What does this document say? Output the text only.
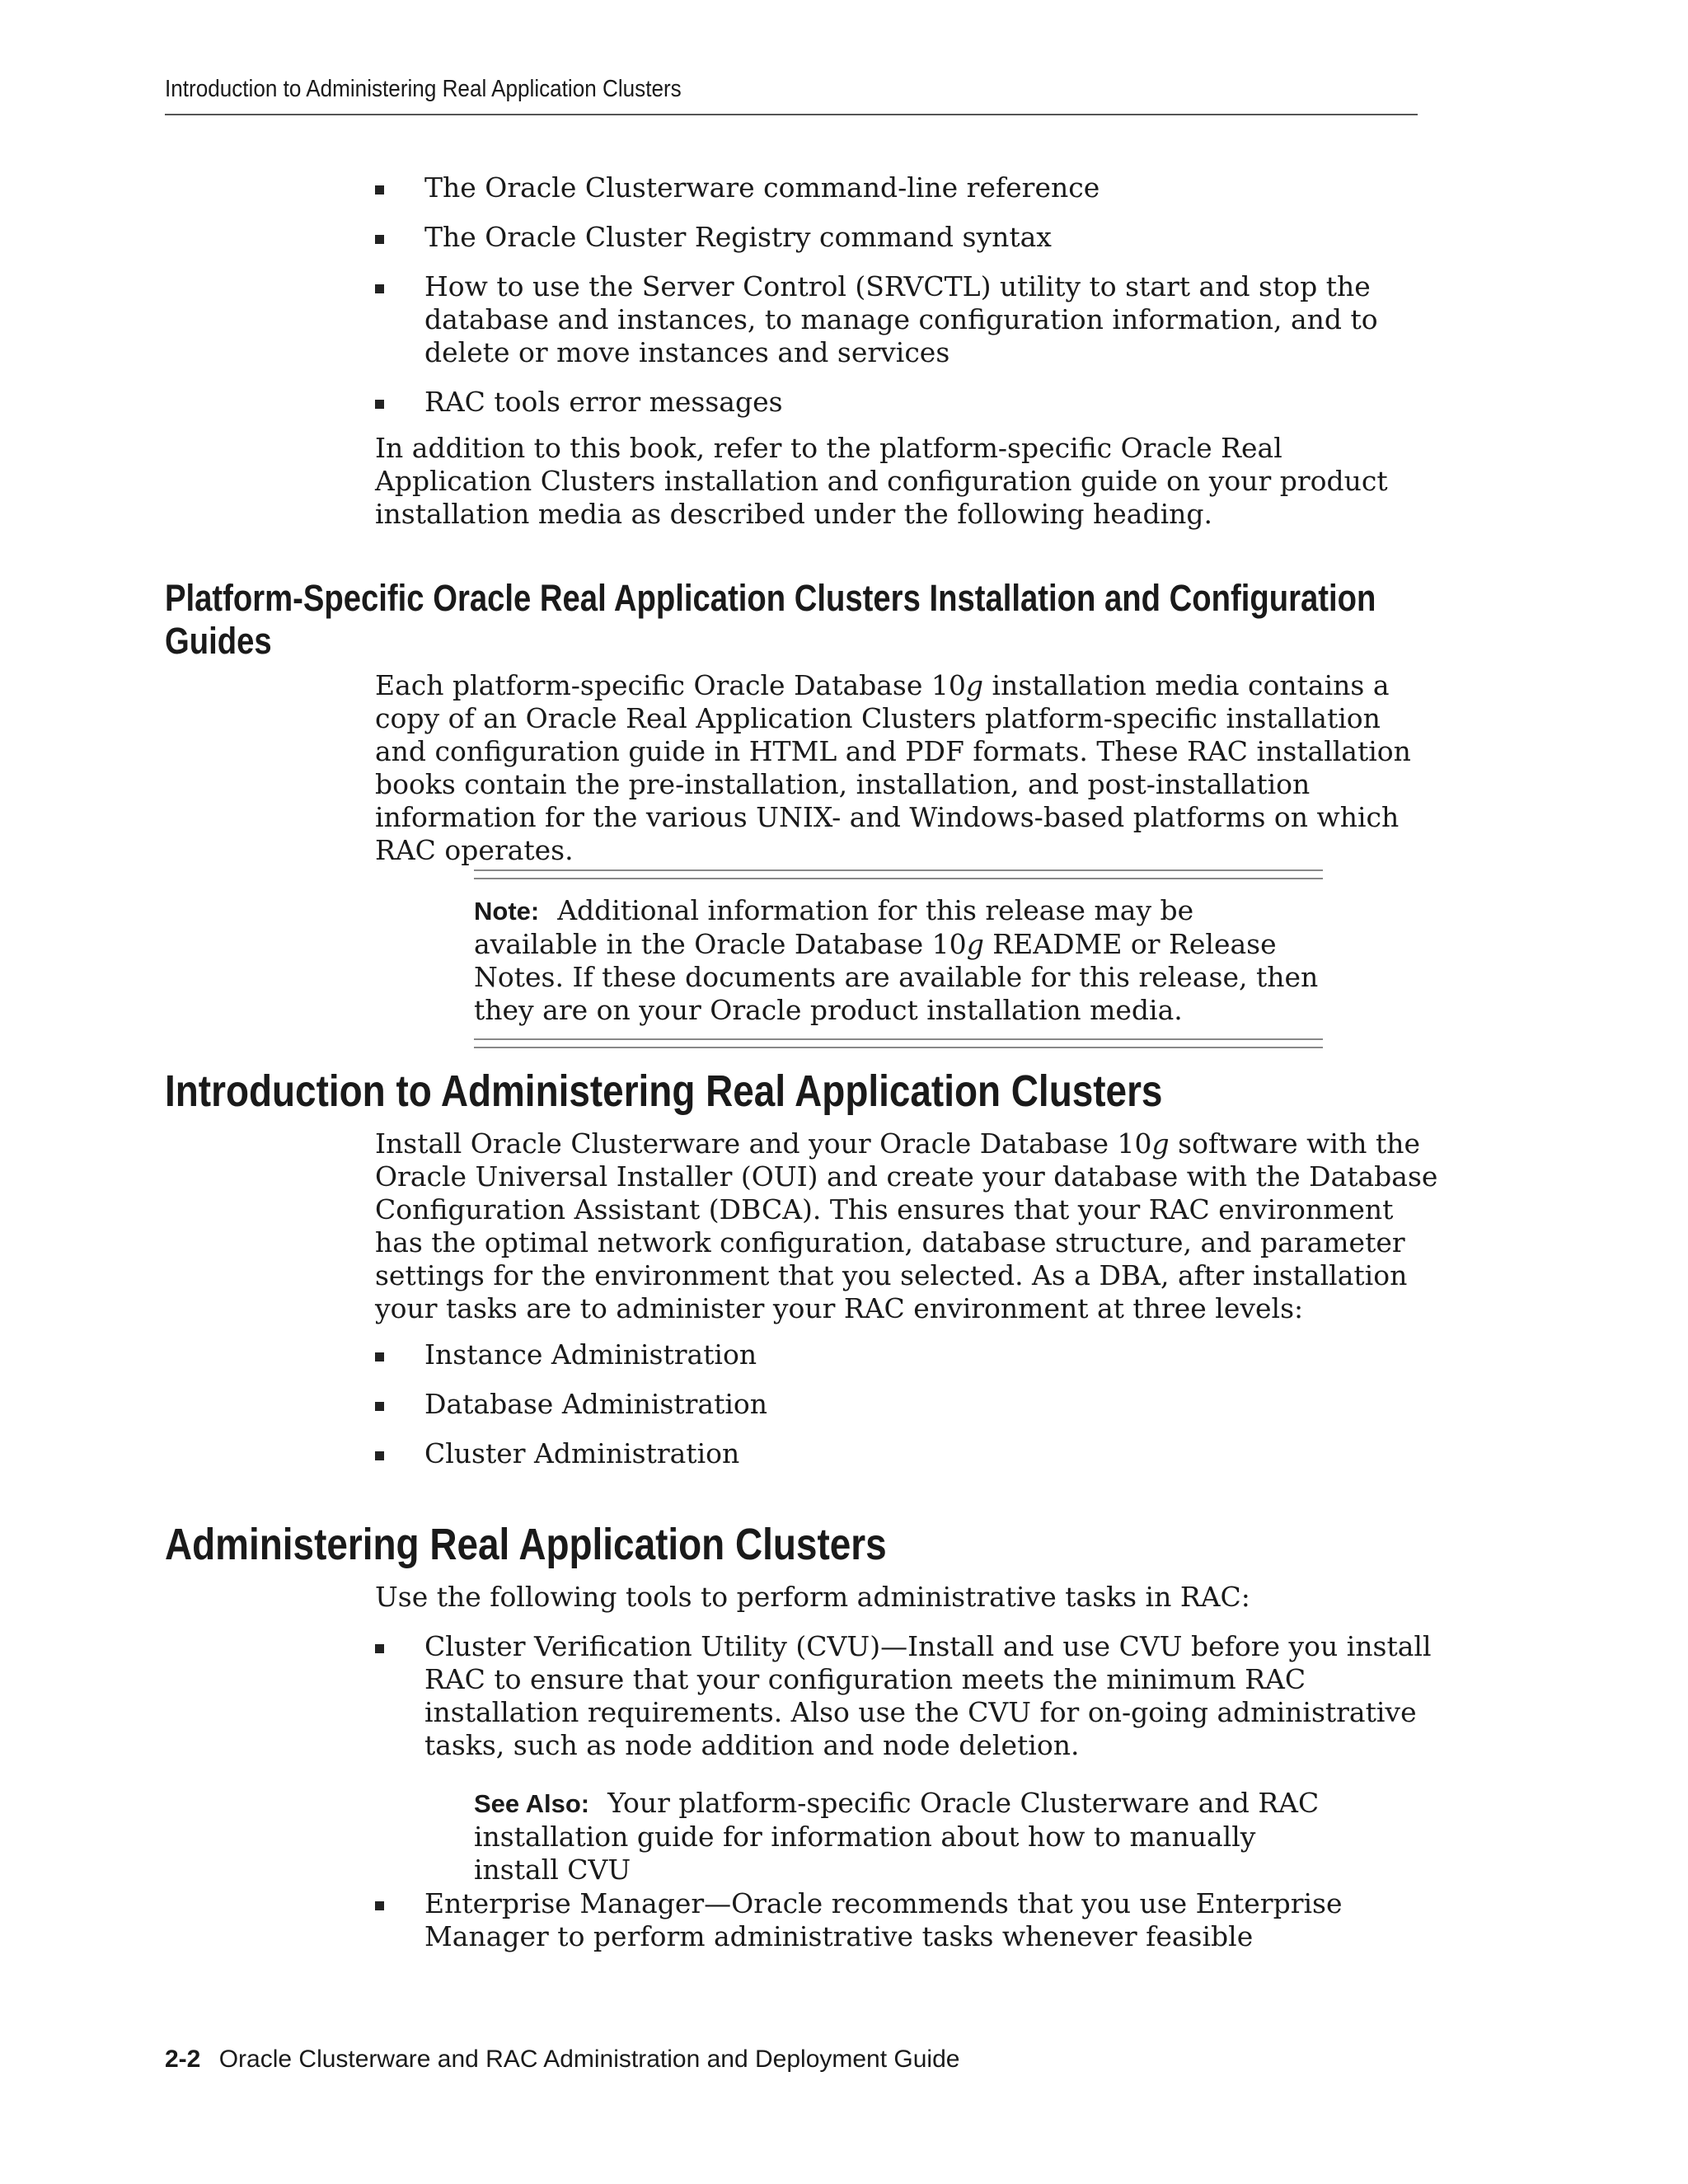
Introduction to Administering Real Application Clusters
The Oracle Clusterware command-line reference
The Oracle Cluster Registry command syntax
How to use the Server Control (SRVCTL) utility to start and stop the database and instances, to manage configuration information, and to delete or move instances and services
RAC tools error messages

In addition to this book, refer to the platform-specific Oracle Real Application Clusters installation and configuration guide on your product installation media as described under the following heading.

Platform-Specific Oracle Real Application Clusters Installation and Configuration
Guides

Each platform-specific Oracle Database 10g installation media contains a copy of an Oracle Real Application Clusters platform-specific installation and configuration guide in HTML and PDF formats. These RAC installation books contain the pre-installation, installation, and post-installation information for the various UNIX- and Windows-based platforms on which RAC operates.

Note: Additional information for this release may be available in the Oracle Database 10g README or Release Notes. If these documents are available for this release, then they are on your Oracle product installation media.

Introduction to Administering Real Application Clusters

Install Oracle Clusterware and your Oracle Database 10g software with the Oracle Universal Installer (OUI) and create your database with the Database Configuration Assistant (DBCA). This ensures that your RAC environment has the optimal network configuration, database structure, and parameter settings for the environment that you selected. As a DBA, after installation your tasks are to administer your RAC environment at three levels:

Instance Administration
Database Administration
Cluster Administration
Administering Real Application Clusters

Use the following tools to perform administrative tasks in RAC:

Cluster Verification Utility (CVU)—Install and use CVU before you install RAC to ensure that your configuration meets the minimum RAC installation requirements. Also use the CVU for on-going administrative tasks, such as node addition and node deletion.

See Also: Your platform-specific Oracle Clusterware and RAC installation guide for information about how to manually install CVU

Enterprise Manager—Oracle recommends that you use Enterprise Manager to perform administrative tasks whenever feasible
2-2 Oracle Clusterware and RAC Administration and Deployment Guide
